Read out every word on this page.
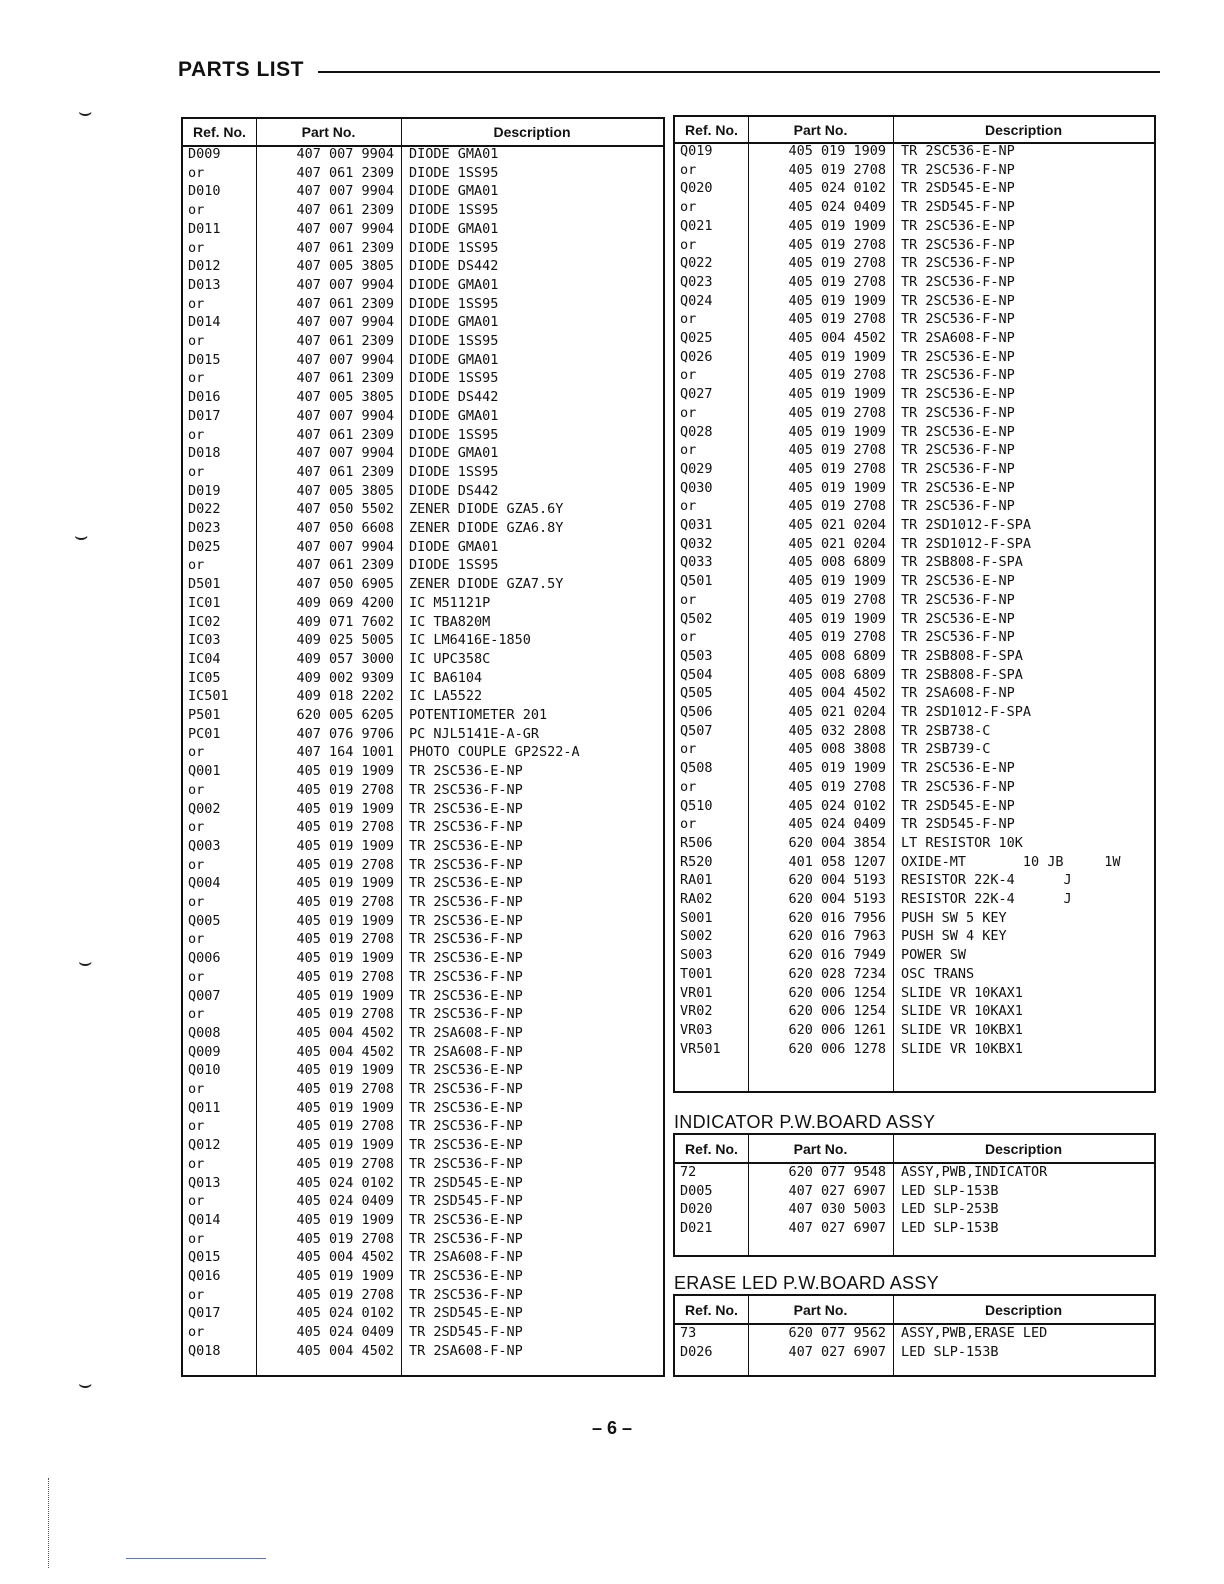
PARTS LIST
Ref. No.	Part No.	Description
D009	407 007 9904 DIODE GMA01
or	407 061 2309 DIODE 1SS95
D010	407 007 9904 DIODE GMA01
or	407 061 2309 DIODE 1SS95
D011	407 007 9904 DIODE GMA01
or	407 061 2309 DIODE 1SS95
D012	407 005 3805 DIODE DS442
D013	407 007 9904 DIODE GMA01
or	407 061 2309 DIODE 1SS95
D014	407 007 9904 DIODE GMA01
or	407 061 2309 DIODE 1SS95
D015	407 007 9904 DIODE GMA01
or	407 061 2309 DIODE 1SS95
D016	407 005 3805 DIODE DS442
D017	407 007 9904 DIODE GMA01
or	407 061 2309 DIODE 1SS95
D018	407 007 9904 DIODE GMA01
or	407 061 2309 DIODE 1SS95
D019	407 005 3805 DIODE DS442
D022	407 050 5502 ZENER DIODE GZA5.6Y
D023	407 050 6608 ZENER DIODE GZA6.8Y
D025	407 007 9904 DIODE GMA01
or	407 061 2309 DIODE 1SS95
D501	407 050 6905 ZENER DIODE GZA7.5Y
IC01	409 069 4200 IC M51121P
IC02	409 071 7602 IC TBA820M
IC03	409 025 5005 IC LM6416E-1850
IC04	409 057 3000 IC UPC358C
IC05	409 002 9309 IC BA6104
IC501	409 018 2202 IC LA5522
P501	620 005 6205 POTENTIOMETER 201
PC01	407 076 9706 PC NJL5141E-A-GR
or	407 164 1001 PHOTO COUPLE GP2S22-A
Q001	405 019 1909 TR 2SC536-E-NP
or	405 019 2708 TR 2SC536-F-NP
Q002	405 019 1909 TR 2SC536-E-NP
or	405 019 2708 TR 2SC536-F-NP
Q003	405 019 1909 TR 2SC536-E-NP
or	405 019 2708 TR 2SC536-F-NP
Q004	405 019 1909 TR 2SC536-E-NP
or	405 019 2708 TR 2SC536-F-NP
Q005	405 019 1909 TR 2SC536-E-NP
or	405 019 2708 TR 2SC536-F-NP
Q006	405 019 1909 TR 2SC536-E-NP
or	405 019 2708 TR 2SC536-F-NP
Q007	405 019 1909 TR 2SC536-E-NP
or	405 019 2708 TR 2SC536-F-NP
Q008	405 004 4502 TR 2SA608-F-NP
Q009	405 004 4502 TR 2SA608-F-NP
Q010	405 019 1909 TR 2SC536-E-NP
or	405 019 2708 TR 2SC536-F-NP
Q011	405 019 1909 TR 2SC536-E-NP
or	405 019 2708 TR 2SC536-F-NP
Q012	405 019 1909 TR 2SC536-E-NP
or	405 019 2708 TR 2SC536-F-NP
Q013	405 024 0102 TR 2SD545-E-NP
or	405 024 0409 TR 2SD545-F-NP
Q014	405 019 1909 TR 2SC536-E-NP
or	405 019 2708 TR 2SC536-F-NP
Q015	405 004 4502 TR 2SA608-F-NP
Q016	405 019 1909 TR 2SC536-E-NP
or	405 019 2708 TR 2SC536-F-NP
Q017	405 024 0102 TR 2SD545-E-NP
or	405 024 0409 TR 2SD545-F-NP
Q018	405 004 4502 TR 2SA608-F-NP
Ref. No.	Part No.	Description
Q019	405 019 1909 TR 2SC536-E-NP
or	405 019 2708 TR 2SC536-F-NP
Q020	405 024 0102 TR 2SD545-E-NP
or	405 024 0409 TR 2SD545-F-NP
Q021	405 019 1909 TR 2SC536-E-NP
or	405 019 2708 TR 2SC536-F-NP
Q022	405 019 2708 TR 2SC536-F-NP
Q023	405 019 2708 TR 2SC536-F-NP
Q024	405 019 1909 TR 2SC536-E-NP
or	405 019 2708 TR 2SC536-F-NP
Q025	405 004 4502 TR 2SA608-F-NP
Q026	405 019 1909 TR 2SC536-E-NP
or	405 019 2708 TR 2SC536-F-NP
Q027	405 019 1909 TR 2SC536-E-NP
or	405 019 2708 TR 2SC536-F-NP
Q028	405 019 1909 TR 2SC536-E-NP
or	405 019 2708 TR 2SC536-F-NP
Q029	405 019 2708 TR 2SC536-F-NP
Q030	405 019 1909 TR 2SC536-E-NP
or	405 019 2708 TR 2SC536-F-NP
Q031	405 021 0204 TR 2SD1012-F-SPA
Q032	405 021 0204 TR 2SD1012-F-SPA
Q033	405 008 6809 TR 2SB808-F-SPA
Q501	405 019 1909 TR 2SC536-E-NP
or	405 019 2708 TR 2SC536-F-NP
Q502	405 019 1909 TR 2SC536-E-NP
or	405 019 2708 TR 2SC536-F-NP
Q503	405 008 6809 TR 2SB808-F-SPA
Q504	405 008 6809 TR 2SB808-F-SPA
Q505	405 004 4502 TR 2SA608-F-NP
Q506	405 021 0204 TR 2SD1012-F-SPA
Q507	405 032 2808 TR 2SB738-C
or	405 008 3808 TR 2SB739-C
Q508	405 019 1909 TR 2SC536-E-NP
or	405 019 2708 TR 2SC536-F-NP
Q510	405 024 0102 TR 2SD545-E-NP
or	405 024 0409 TR 2SD545-F-NP
R506	620 004 3854 LT RESISTOR 10K
R520	401 058 1207 OXIDE-MT       10 JB     1W
RA01	620 004 5193 RESISTOR 22K-4      J
RA02	620 004 5193 RESISTOR 22K-4      J
S001	620 016 7956 PUSH SW 5 KEY
S002	620 016 7963 PUSH SW 4 KEY
S003	620 016 7949 POWER SW
T001	620 028 7234 OSC TRANS
VR01	620 006 1254 SLIDE VR 10KAX1
VR02	620 006 1254 SLIDE VR 10KAX1
VR03	620 006 1261 SLIDE VR 10KBX1
VR501	620 006 1278 SLIDE VR 10KBX1
INDICATOR P.W.BOARD ASSY
Ref. No.	Part No.	Description
72	620 077 9548 ASSY,PWB,INDICATOR
D005	407 027 6907 LED SLP-153B
D020	407 030 5003 LED SLP-253B
D021	407 027 6907 LED SLP-153B
ERASE LED P.W.BOARD ASSY
Ref. No.	Part No.	Description
73	620 077 9562 ASSY,PWB,ERASE LED
D026	407 027 6907 LED SLP-153B
– 6 –
⌣
⌣
⌣
⌣
